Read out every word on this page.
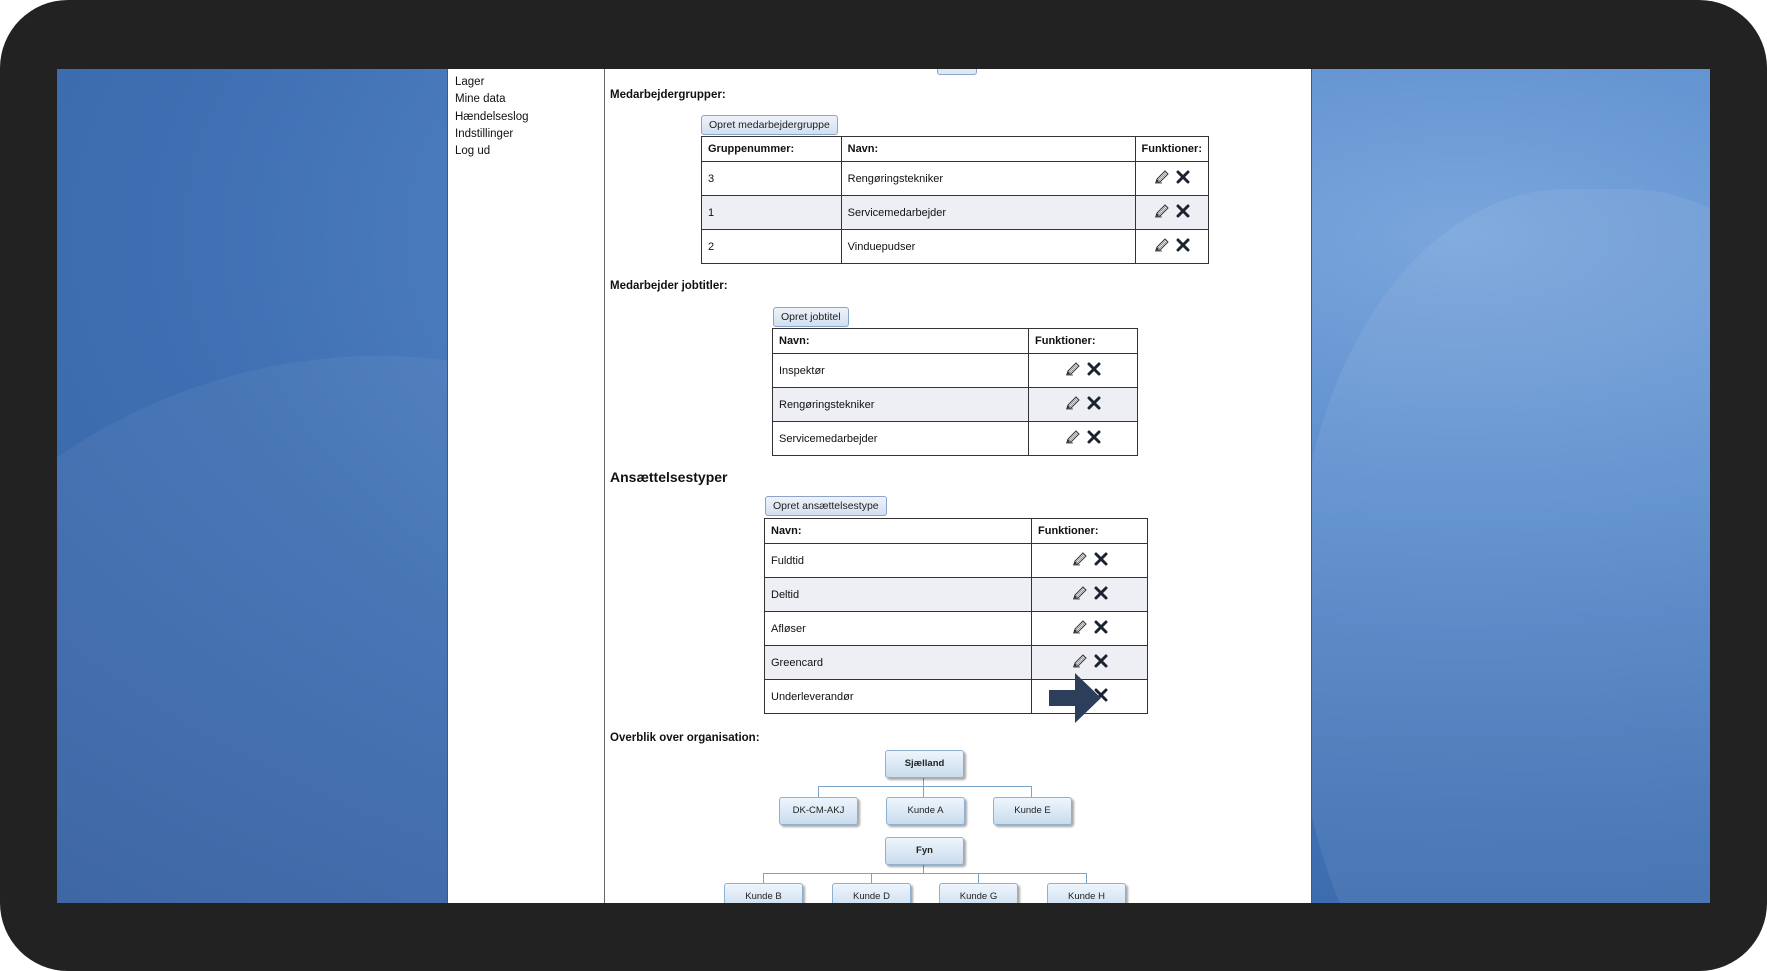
Lager
Mine data
Hændelseslog
Indstillinger
Log ud
Medarbejdergrupper:
Opret medarbejdergruppe
Gruppenummer:	Navn:	Funktioner:
3	Rengøringstekniker	
1	Servicemedarbejder	
2	Vinduepudser	
Medarbejder jobtitler:
Opret jobtitel
Navn:	Funktioner:
Inspektør	
Rengøringstekniker	
Servicemedarbejder	
Ansættelsestyper
Opret ansættelsestype
Navn:	Funktioner:
Fuldtid	
Deltid	
Afløser	
Greencard	
Underleverandør	
Overblik over organisation:
Sjælland
DK-CM-AKJ	Kunde A	Kunde E
Fyn
Kunde B	Kunde D	Kunde G	Kunde H
